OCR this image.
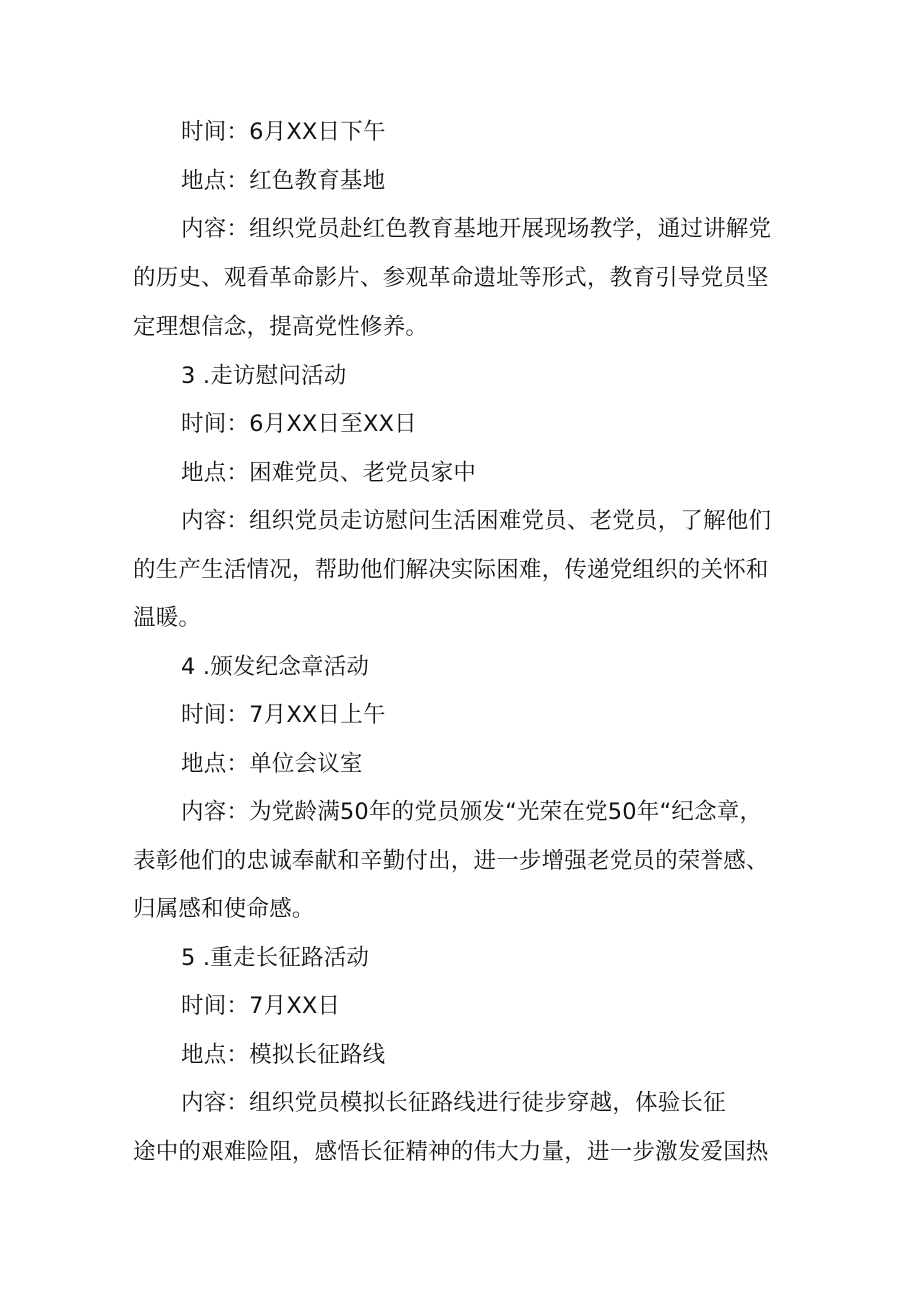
时间：6月XX日下午
地点：红色教育基地
内容：组织党员赴红色教育基地开展现场教学，通过讲解党
的历史、观看革命影片、参观革命遗址等形式，教育引导党员坚
定理想信念，提高党性修养。
3 .走访慰问活动
时间：6月XX日至XX日
地点：困难党员、老党员家中
内容：组织党员走访慰问生活困难党员、老党员，了解他们
的生产生活情况，帮助他们解决实际困难，传递党组织的关怀和
温暖。
4 .颁发纪念章活动
时间：7月XX日上午
地点：单位会议室
内容：为党龄满50年的党员颁发“光荣在党50年“纪念章，
表彰他们的忠诚奉献和辛勤付出，进一步增强老党员的荣誉感、
归属感和使命感。
5 .重走长征路活动
时间：7月XX日
地点：模拟长征路线
内容：组织党员模拟长征路线进行徒步穿越，体验长征
途中的艰难险阻，感悟长征精神的伟大力量，进一步激发爱国热
